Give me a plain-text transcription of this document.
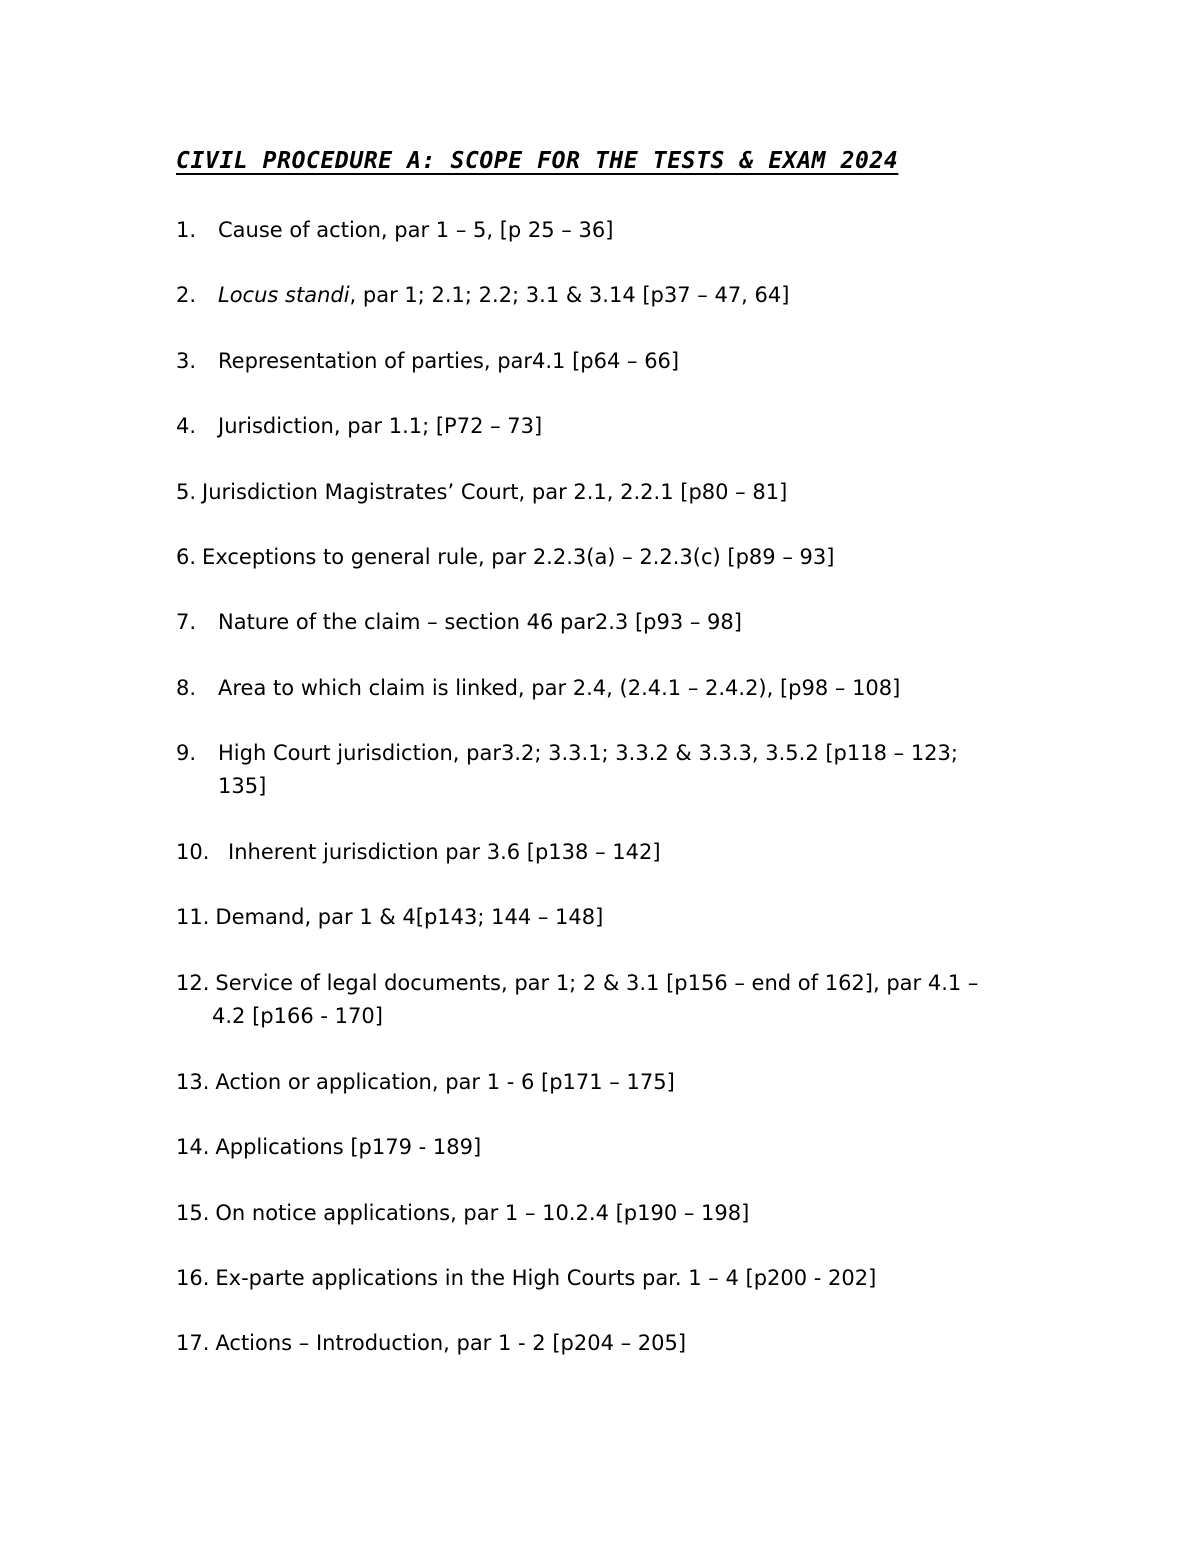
CIVIL PROCEDURE A: SCOPE FOR THE TESTS & EXAM 2024
1. Cause of action, par 1 – 5, [p 25 – 36]
2. Locus standi, par 1; 2.1; 2.2; 3.1 & 3.14 [p37 – 47, 64]
3. Representation of parties, par4.1 [p64 – 66]
4. Jurisdiction, par 1.1; [P72 – 73]
5. Jurisdiction Magistrates’ Court, par 2.1, 2.2.1 [p80 – 81]
6. Exceptions to general rule, par 2.2.3(a) – 2.2.3(c) [p89 – 93]
7. Nature of the claim – section 46 par2.3 [p93 – 98]
8. Area to which claim is linked, par 2.4, (2.4.1 – 2.4.2), [p98 – 108]
9. High Court jurisdiction, par3.2; 3.3.1; 3.3.2 & 3.3.3, 3.5.2 [p118 – 123;
135]
10. Inherent jurisdiction par 3.6 [p138 – 142]
11. Demand, par 1 & 4[p143; 144 – 148]
12. Service of legal documents, par 1; 2 & 3.1 [p156 – end of 162], par 4.1 –
4.2 [p166 - 170]
13. Action or application, par 1 - 6 [p171 – 175]
14. Applications [p179 - 189]
15. On notice applications, par 1 – 10.2.4 [p190 – 198]
16. Ex-parte applications in the High Courts par. 1 – 4 [p200 - 202]
17. Actions – Introduction, par 1 - 2 [p204 – 205]
